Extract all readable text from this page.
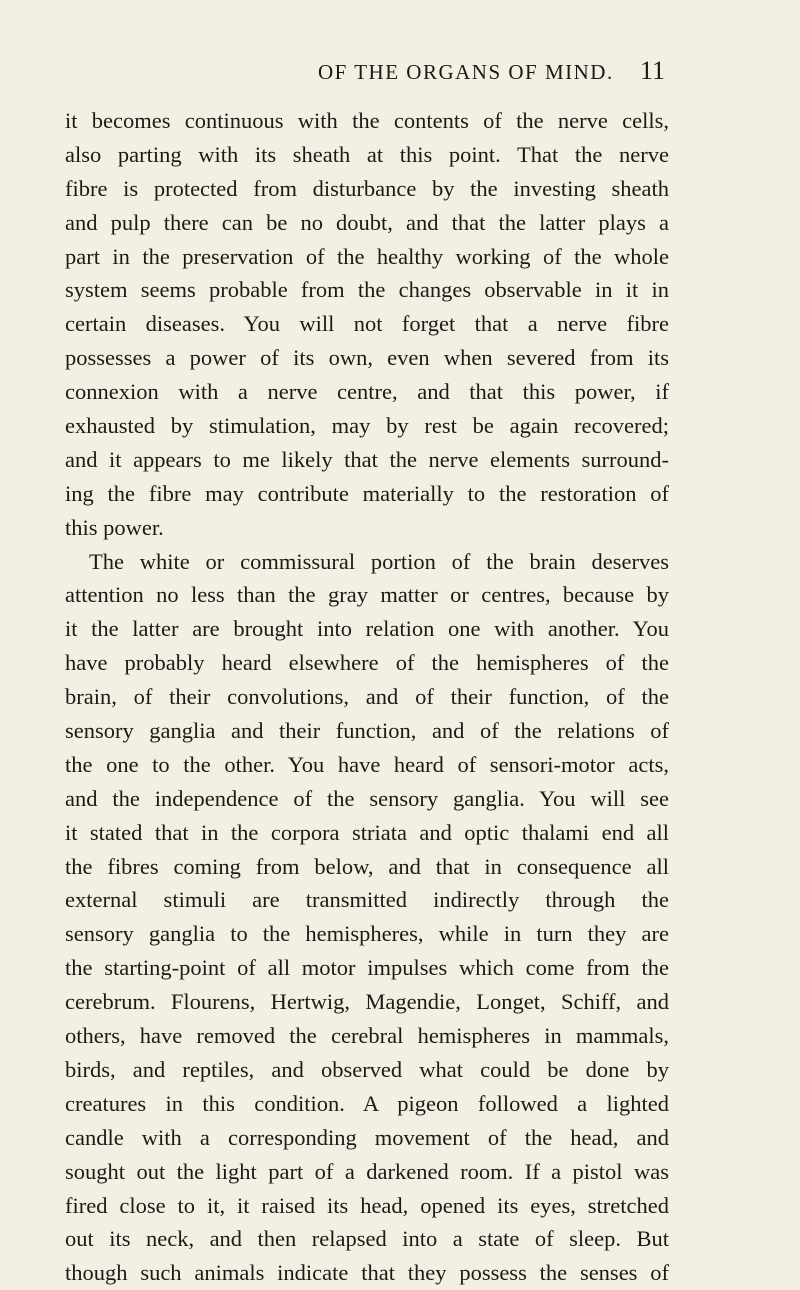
OF THE ORGANS OF MIND. 11
it becomes continuous with the contents of the nerve cells,
also parting with its sheath at this point. That the nerve
fibre is protected from disturbance by the investing sheath
and pulp there can be no doubt, and that the latter plays a
part in the preservation of the healthy working of the whole
system seems probable from the changes observable in it in
certain diseases. You will not forget that a nerve fibre
possesses a power of its own, even when severed from its
connexion with a nerve centre, and that this power, if
exhausted by stimulation, may by rest be again recovered;
and it appears to me likely that the nerve elements surround-
ing the fibre may contribute materially to the restoration of
this power.
The white or commissural portion of the brain deserves
attention no less than the gray matter or centres, because by
it the latter are brought into relation one with another. You
have probably heard elsewhere of the hemispheres of the
brain, of their convolutions, and of their function, of the
sensory ganglia and their function, and of the relations of
the one to the other. You have heard of sensori-motor acts,
and the independence of the sensory ganglia. You will see
it stated that in the corpora striata and optic thalami end all
the fibres coming from below, and that in consequence all
external stimuli are transmitted indirectly through the
sensory ganglia to the hemispheres, while in turn they are
the starting-point of all motor impulses which come from the
cerebrum. Flourens, Hertwig, Magendie, Longet, Schiff, and
others, have removed the cerebral hemispheres in mammals,
birds, and reptiles, and observed what could be done by
creatures in this condition. A pigeon followed a lighted
candle with a corresponding movement of the head, and
sought out the light part of a darkened room. If a pistol was
fired close to it, it raised its head, opened its eyes, stretched
out its neck, and then relapsed into a state of sleep. But
though such animals indicate that they possess the senses of
